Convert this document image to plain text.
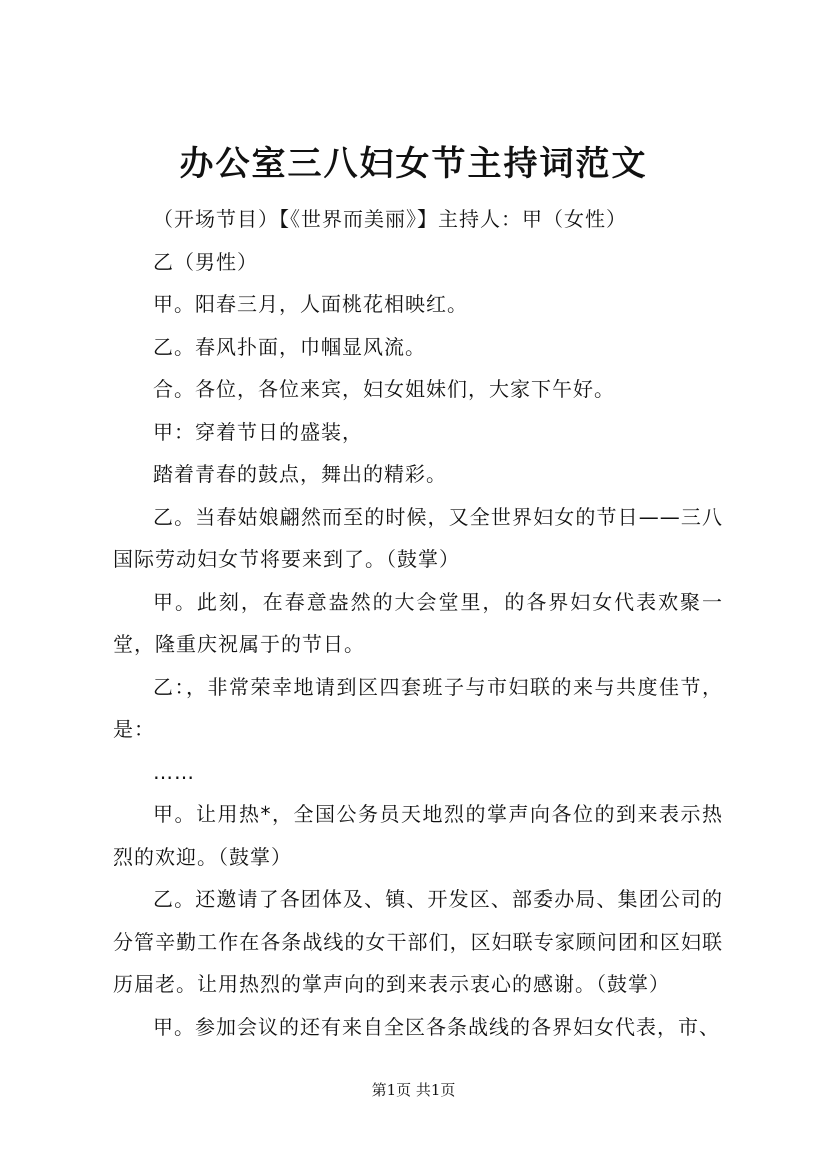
办公室三八妇女节主持词范文

（开场节目）【《世界而美丽》】主持人：甲（女性）

乙（男性）

甲。阳春三月，人面桃花相映红。

乙。春风扑面，巾帼显风流。

合。各位，各位来宾，妇女姐妹们，大家下午好。

甲：穿着节日的盛装，

踏着青春的鼓点，舞出的精彩。

乙。当春姑娘翩然而至的时候，又全世界妇女的节日——三八国际劳动妇女节将要来到了。（鼓掌）

甲。此刻，在春意盎然的大会堂里，的各界妇女代表欢聚一堂，隆重庆祝属于的节日。

乙：，非常荣幸地请到区四套班子与市妇联的来与共度佳节，是：

……

甲。让用热*，全国公务员天地烈的掌声向各位的到来表示热烈的欢迎。（鼓掌）

乙。还邀请了各团体及、镇、开发区、部委办局、集团公司的分管辛勤工作在各条战线的女干部们，区妇联专家顾问团和区妇联历届老。让用热烈的掌声向的到来表示衷心的感谢。（鼓掌）

甲。参加会议的还有来自全区各条战线的各界妇女代表，市、

第1页 共1页
